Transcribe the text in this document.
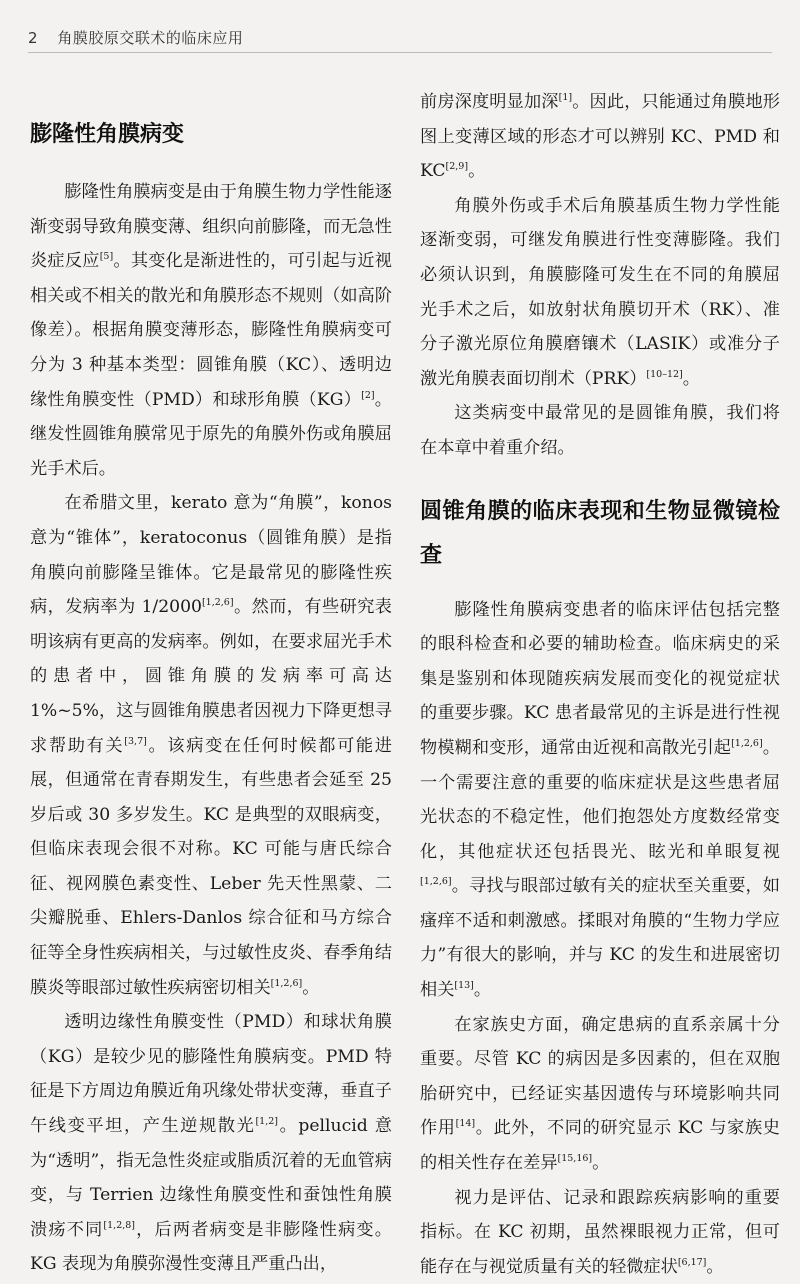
2 角膜胶原交联术的临床应用
膨隆性角膜病变

膨隆性角膜病变是由于角膜生物力学性能逐渐变弱导致角膜变薄、组织向前膨隆，而无急性炎症反应[5]。其变化是渐进性的，可引起与近视相关或不相关的散光和角膜形态不规则（如高阶像差）。根据角膜变薄形态，膨隆性角膜病变可分为 3 种基本类型：圆锥角膜（KC）、透明边缘性角膜变性（PMD）和球形角膜（KG）[2]。继发性圆锥角膜常见于原先的角膜外伤或角膜屈光手术后。

在希腊文里，kerato 意为“角膜”，konos 意为“锥体”，keratoconus（圆锥角膜）是指角膜向前膨隆呈锥体。它是最常见的膨隆性疾病，发病率为 1/2000[1,2,6]。然而，有些研究表明该病有更高的发病率。例如，在要求屈光手术的患者中，圆锥角膜的发病率可高达 1%~5%，这与圆锥角膜患者因视力下降更想寻求帮助有关[3,7]。该病变在任何时候都可能进展，但通常在青春期发生，有些患者会延至 25 岁后或 30 多岁发生。KC 是典型的双眼病变，但临床表现会很不对称。KC 可能与唐氏综合征、视网膜色素变性、Leber 先天性黑蒙、二尖瓣脱垂、Ehlers-Danlos 综合征和马方综合征等全身性疾病相关，与过敏性皮炎、春季角结膜炎等眼部过敏性疾病密切相关[1,2,6]。

透明边缘性角膜变性（PMD）和球状角膜（KG）是较少见的膨隆性角膜病变。PMD 特征是下方周边角膜近角巩缘处带状变薄，垂直子午线变平坦，产生逆规散光[1,2]。pellucid 意为“透明”，指无急性炎症或脂质沉着的无血管病变，与 Terrien 边缘性角膜变性和蚕蚀性角膜溃疡不同[1,2,8]，后两者病变是非膨隆性病变。KG 表现为角膜弥漫性变薄且严重凸出，

前房深度明显加深[1]。因此，只能通过角膜地形图上变薄区域的形态才可以辨别 KC、PMD 和 KC[2,9]。

角膜外伤或手术后角膜基质生物力学性能逐渐变弱，可继发角膜进行性变薄膨隆。我们必须认识到，角膜膨隆可发生在不同的角膜屈光手术之后，如放射状角膜切开术（RK）、准分子激光原位角膜磨镶术（LASIK）或准分子激光角膜表面切削术（PRK）[10–12]。

这类病变中最常见的是圆锥角膜，我们将在本章中着重介绍。

圆锥角膜的临床表现和生物显微镜检查

膨隆性角膜病变患者的临床评估包括完整的眼科检查和必要的辅助检查。临床病史的采集是鉴别和体现随疾病发展而变化的视觉症状的重要步骤。KC 患者最常见的主诉是进行性视物模糊和变形，通常由近视和高散光引起[1,2,6]。一个需要注意的重要的临床症状是这些患者屈光状态的不稳定性，他们抱怨处方度数经常变化，其他症状还包括畏光、眩光和单眼复视[1,2,6]。寻找与眼部过敏有关的症状至关重要，如瘙痒不适和刺激感。揉眼对角膜的“生物力学应力”有很大的影响，并与 KC 的发生和进展密切相关[13]。

在家族史方面，确定患病的直系亲属十分重要。尽管 KC 的病因是多因素的，但在双胞胎研究中，已经证实基因遗传与环境影响共同作用[14]。此外，不同的研究显示 KC 与家族史的相关性存在差异[15,16]。

视力是评估、记录和跟踪疾病影响的重要指标。在 KC 初期，虽然裸眼视力正常，但可能存在与视觉质量有关的轻微症状[6,17]。
